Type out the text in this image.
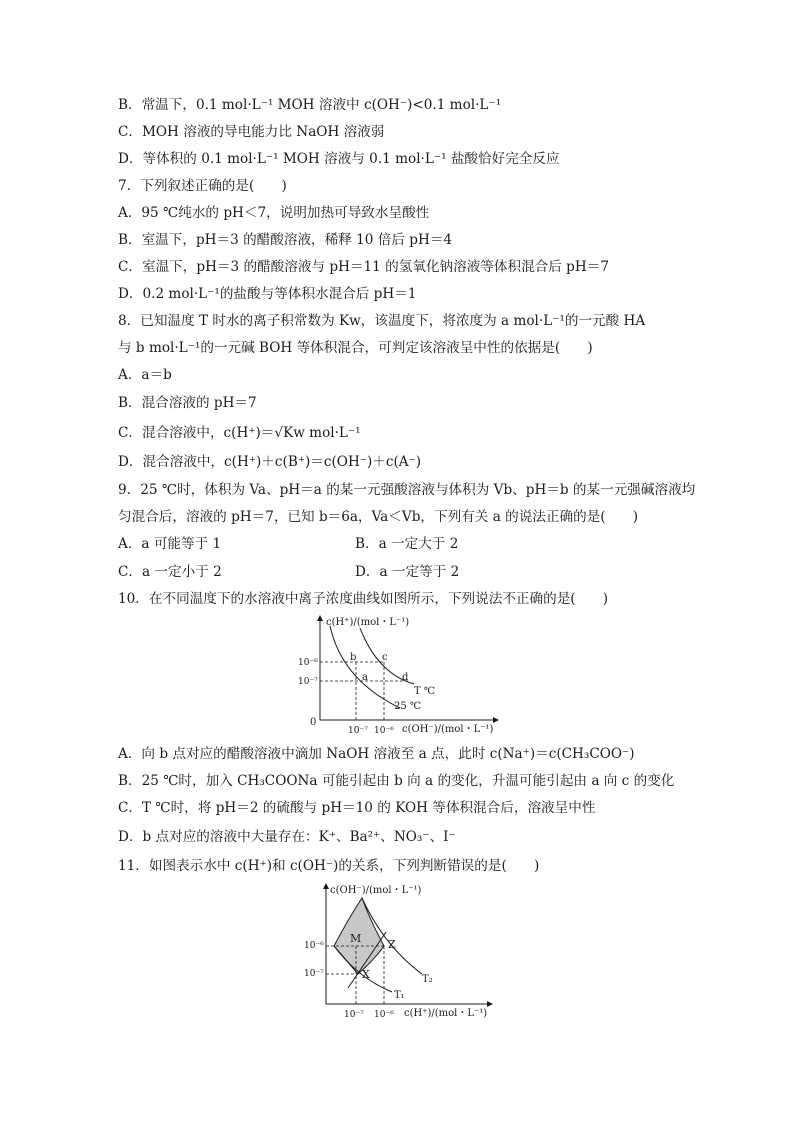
B．常温下，0.1 mol·L⁻¹ MOH 溶液中 c(OH⁻)<0.1 mol·L⁻¹
C．MOH 溶液的导电能力比 NaOH 溶液弱
D．等体积的 0.1 mol·L⁻¹ MOH 溶液与 0.1 mol·L⁻¹ 盐酸恰好完全反应
7．下列叙述正确的是(　　)
A．95 ℃纯水的 pH＜7，说明加热可导致水呈酸性
B．室温下，pH＝3 的醋酸溶液，稀释 10 倍后 pH＝4
C．室温下，pH＝3 的醋酸溶液与 pH＝11 的氢氧化钠溶液等体积混合后 pH＝7
D．0.2 mol·L⁻¹的盐酸与等体积水混合后 pH＝1
8．已知温度 T 时水的离子积常数为 Kw，该温度下，将浓度为 a mol·L⁻¹的一元酸 HA
与 b mol·L⁻¹的一元碱 BOH 等体积混合，可判定该溶液呈中性的依据是(　　)
A．a＝b
B．混合溶液的 pH＝7
C．混合溶液中，c(H⁺)＝√Kw mol·L⁻¹
D．混合溶液中，c(H⁺)＋c(B⁺)＝c(OH⁻)＋c(A⁻)
9．25 ℃时，体积为 Va、pH＝a 的某一元强酸溶液与体积为 Vb、pH＝b 的某一元强碱溶液均
匀混合后，溶液的 pH＝7，已知 b＝6a，Va＜Vb，下列有关 a 的说法正确的是(　　)
A．a 可能等于 1	B．a 一定大于 2
C．a 一定小于 2	D．a 一定等于 2
10．在不同温度下的水溶液中离子浓度曲线如图所示，下列说法不正确的是(　　)
c(H⁺)/(mol・L⁻¹)
c(OH⁻)/(mol・L⁻¹)
0
10⁻⁶
10⁻⁷
10⁻⁷ 10⁻⁶
b	c
a	d
T ℃
25 ℃
A．向 b 点对应的醋酸溶液中滴加 NaOH 溶液至 a 点，此时 c(Na⁺)＝c(CH₃COO⁻)
B．25 ℃时，加入 CH₃COONa 可能引起由 b 向 a 的变化，升温可能引起由 a 向 c 的变化
C．T ℃时，将 pH＝2 的硫酸与 pH＝10 的 KOH 等体积混合后，溶液呈中性
D．b 点对应的溶液中大量存在：K⁺、Ba²⁺、NO₃⁻、I⁻
11．如图表示水中 c(H⁺)和 c(OH⁻)的关系，下列判断错误的是(　　)
c(OH⁻)/(mol・L⁻¹)
c(H⁺)/(mol・L⁻¹)
10⁻⁶
10⁻⁷
10⁻⁷ 10⁻⁶
M Z
X	T₂
T₁
